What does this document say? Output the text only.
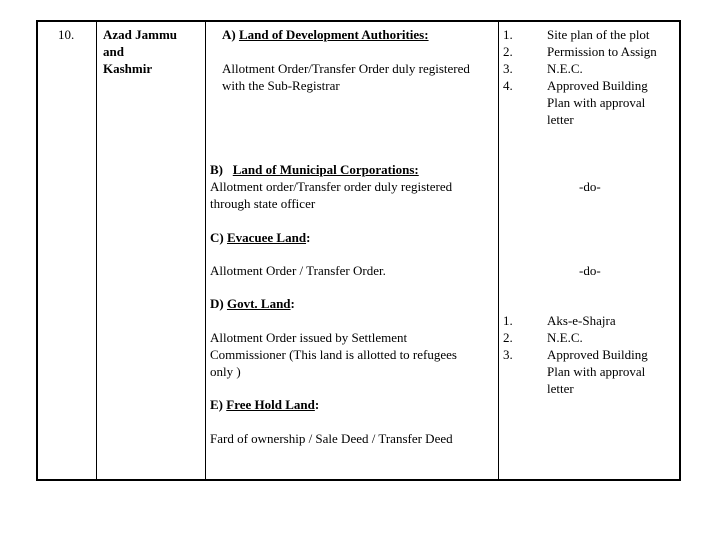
10. Azad Jammu
and
Kashmir
A) Land of Development Authorities:
Allotment Order/Transfer Order duly registered
with the Sub-Registrar
1.
2.
3.
4.
Site plan of the plot
Permission to Assign
N.E.C.
Approved Building
Plan with approval
letter
B)   Land of Municipal Corporations:
Allotment order/Transfer order duly registered
through state officer
-do-
C) Evacuee Land:
Allotment Order / Transfer Order.	-do-
D) Govt. Land:
Allotment Order issued by Settlement
Commissioner (This land is allotted to refugees
only )
1.
2.
3.
Aks-e-Shajra
N.E.C.
Approved Building
Plan with approval
letter
E) Free Hold Land:
Fard of ownership / Sale Deed / Transfer Deed
